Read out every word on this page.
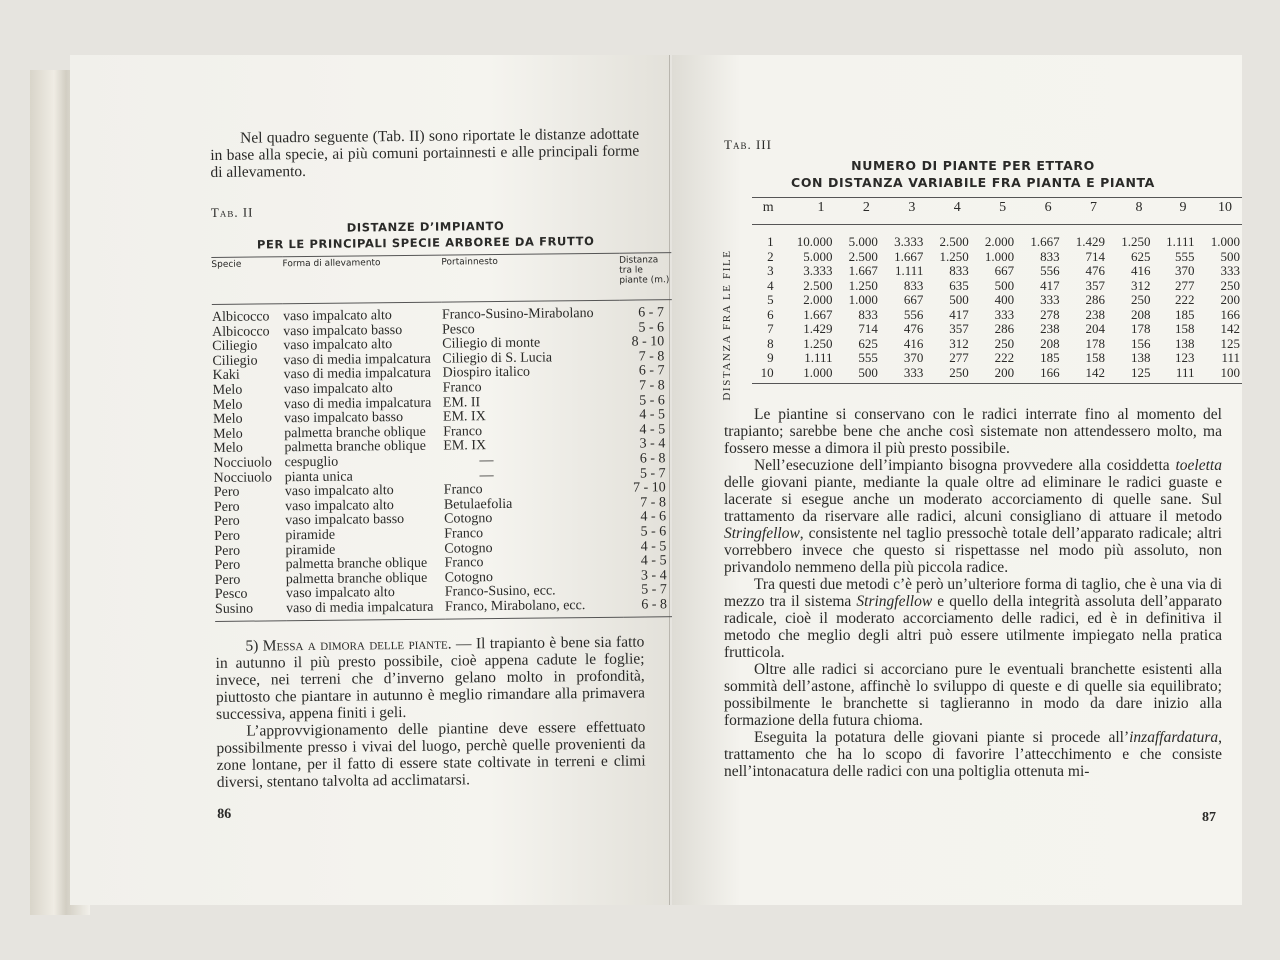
Nel quadro seguente (Tab. II) sono riportate le distanze adottate in base alla specie, ai più comuni portainnesti e alle principali forme di allevamento.

Tab. II
DISTANZE D’IMPIANTO
PER LE PRINCIPALI SPECIE ARBOREE DA FRUTTO
Specie	Forma di allevamento	Portainnesto	Distanza tra le piante (m.)
Albicocco	vaso impalcato alto	Franco-Susino-Mirabolano	6 - 7
Albicocco	vaso impalcato basso	Pesco	5 - 6
Ciliegio	vaso impalcato alto	Ciliegio di monte	8 - 10
Ciliegio	vaso di media impalcatura	Ciliegio di S. Lucia	7 - 8
Kaki	vaso di media impalcatura	Diospiro italico	6 - 7
Melo	vaso impalcato alto	Franco	7 - 8
Melo	vaso di media impalcatura	EM. II	5 - 6
Melo	vaso impalcato basso	EM. IX	4 - 5
Melo	palmetta branche oblique	Franco	4 - 5
Melo	palmetta branche oblique	EM. IX	3 - 4
Nocciuolo	cespuglio	—	6 - 8
Nocciuolo	pianta unica	—	5 - 7
Pero	vaso impalcato alto	Franco	7 - 10
Pero	vaso impalcato alto	Betulaefolia	7 - 8
Pero	vaso impalcato basso	Cotogno	4 - 6
Pero	piramide	Franco	5 - 6
Pero	piramide	Cotogno	4 - 5
Pero	palmetta branche oblique	Franco	4 - 5
Pero	palmetta branche oblique	Cotogno	3 - 4
Pesco	vaso impalcato alto	Franco-Susino, ecc.	5 - 7
Susino	vaso di media impalcatura	Franco, Mirabolano, ecc.	6 - 8

5) Messa a dimora delle piante. — Il trapianto è bene sia fatto in autunno il più presto possibile, cioè appena cadute le foglie; invece, nei terreni che d’inverno gelano molto in profondità, piuttosto che piantare in autunno è meglio rimandare alla primavera successiva, appena finiti i geli.

L’approvvigionamento delle piantine deve essere effettuato possibilmente presso i vivai del luogo, perchè quelle provenienti da zone lontane, per il fatto di essere state coltivate in terreni e climi diversi, stentano talvolta ad acclimatarsi.

86
Tab. III
NUMERO DI PIANTE PER ETTARO
CON DISTANZA VARIABILE FRA PIANTA E PIANTA
DISTANZA FRA LE FILE
m	1	2	3	4	5	6	7	8	9	10
1	10.000	5.000	3.333	2.500	2.000	1.667	1.429	1.250	1.111	1.000
2	5.000	2.500	1.667	1.250	1.000	833	714	625	555	500
3	3.333	1.667	1.111	833	667	556	476	416	370	333
4	2.500	1.250	833	635	500	417	357	312	277	250
5	2.000	1.000	667	500	400	333	286	250	222	200
6	1.667	833	556	417	333	278	238	208	185	166
7	1.429	714	476	357	286	238	204	178	158	142
8	1.250	625	416	312	250	208	178	156	138	125
9	1.111	555	370	277	222	185	158	138	123	111
10	1.000	500	333	250	200	166	142	125	111	100

Le piantine si conservano con le radici interrate fino al momento del trapianto; sarebbe bene che anche così sistemate non attendessero molto, ma fossero messe a dimora il più presto possibile.

Nell’esecuzione dell’impianto bisogna provvedere alla cosiddetta toeletta delle giovani piante, mediante la quale oltre ad eliminare le radici guaste e lacerate si esegue anche un moderato accorciamento di quelle sane. Sul trattamento da riservare alle radici, alcuni consigliano di attuare il metodo Stringfellow, consistente nel taglio pressochè totale dell’apparato radicale; altri vorrebbero invece che questo si rispettasse nel modo più assoluto, non privandolo nemmeno della più piccola radice.

Tra questi due metodi c’è però un’ulteriore forma di taglio, che è una via di mezzo tra il sistema Stringfellow e quello della integrità assoluta dell’apparato radicale, cioè il moderato accorciamento delle radici, ed è in definitiva il metodo che meglio degli altri può essere utilmente impiegato nella pratica frutticola.

Oltre alle radici si accorciano pure le eventuali branchette esistenti alla sommità dell’astone, affinchè lo sviluppo di queste e di quelle sia equilibrato; possibilmente le branchette si taglieranno in modo da dare inizio alla formazione della futura chioma.

Eseguita la potatura delle giovani piante si procede all’inzaffardatura, trattamento che ha lo scopo di favorire l’attecchimento e che consiste nell’intonacatura delle radici con una poltiglia ottenuta mi-

87
